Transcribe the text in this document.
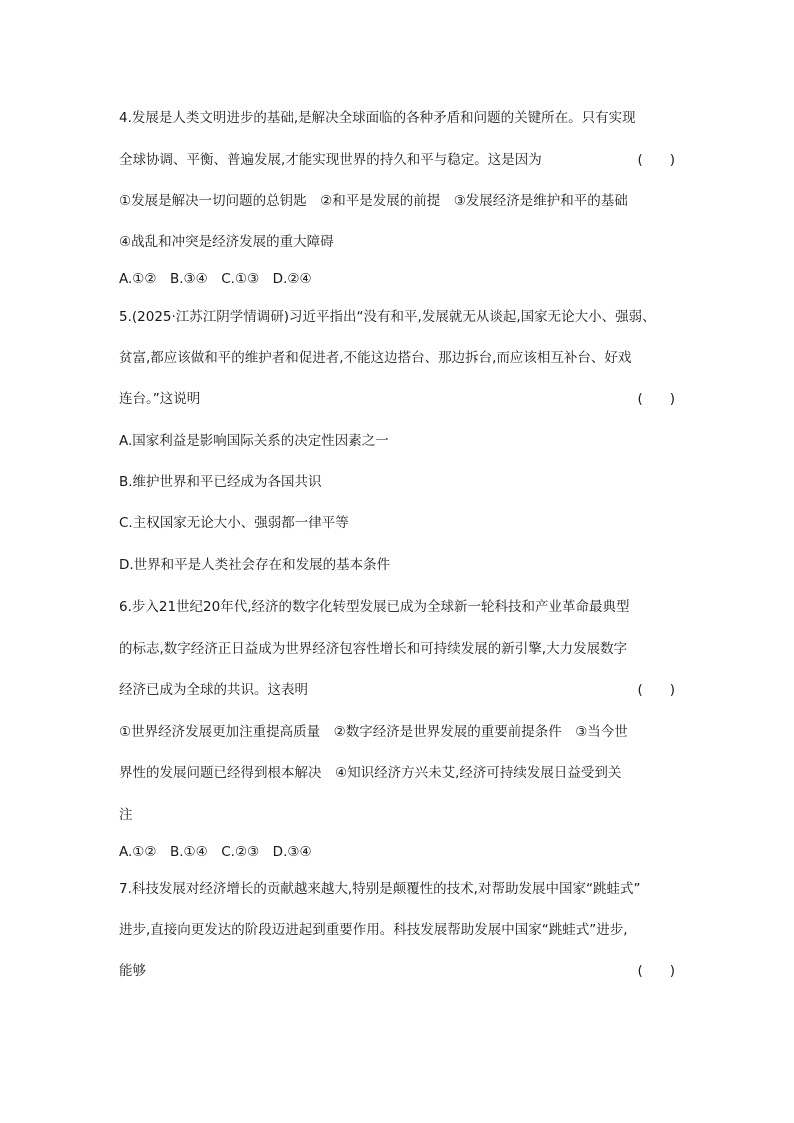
4.发展是人类文明进步的基础,是解决全球面临的各种矛盾和问题的关键所在。只有实现
全球协调、平衡、普遍发展,才能实现世界的持久和平与稳定。这是因为	(　　)
①发展是解决一切问题的总钥匙　②和平是发展的前提　③发展经济是维护和平的基础
④战乱和冲突是经济发展的重大障碍
A.①②　B.③④　C.①③　D.②④
5.(2025·江苏江阴学情调研)习近平指出“没有和平,发展就无从谈起,国家无论大小、强弱、
贫富,都应该做和平的维护者和促进者,不能这边搭台、那边拆台,而应该相互补台、好戏
连台。”这说明	(　　)
A.国家利益是影响国际关系的决定性因素之一
B.维护世界和平已经成为各国共识
C.主权国家无论大小、强弱都一律平等
D.世界和平是人类社会存在和发展的基本条件
6.步入21世纪20年代,经济的数字化转型发展已成为全球新一轮科技和产业革命最典型
的标志,数字经济正日益成为世界经济包容性增长和可持续发展的新引擎,大力发展数字
经济已成为全球的共识。这表明	(　　)
①世界经济发展更加注重提高质量　②数字经济是世界发展的重要前提条件　③当今世
界性的发展问题已经得到根本解决　④知识经济方兴未艾,经济可持续发展日益受到关
注
A.①②　B.①④　C.②③　D.③④
7.科技发展对经济增长的贡献越来越大,特别是颠覆性的技术,对帮助发展中国家“跳蛙式”
进步,直接向更发达的阶段迈进起到重要作用。科技发展帮助发展中国家“跳蛙式”进步,
能够	(　　)
